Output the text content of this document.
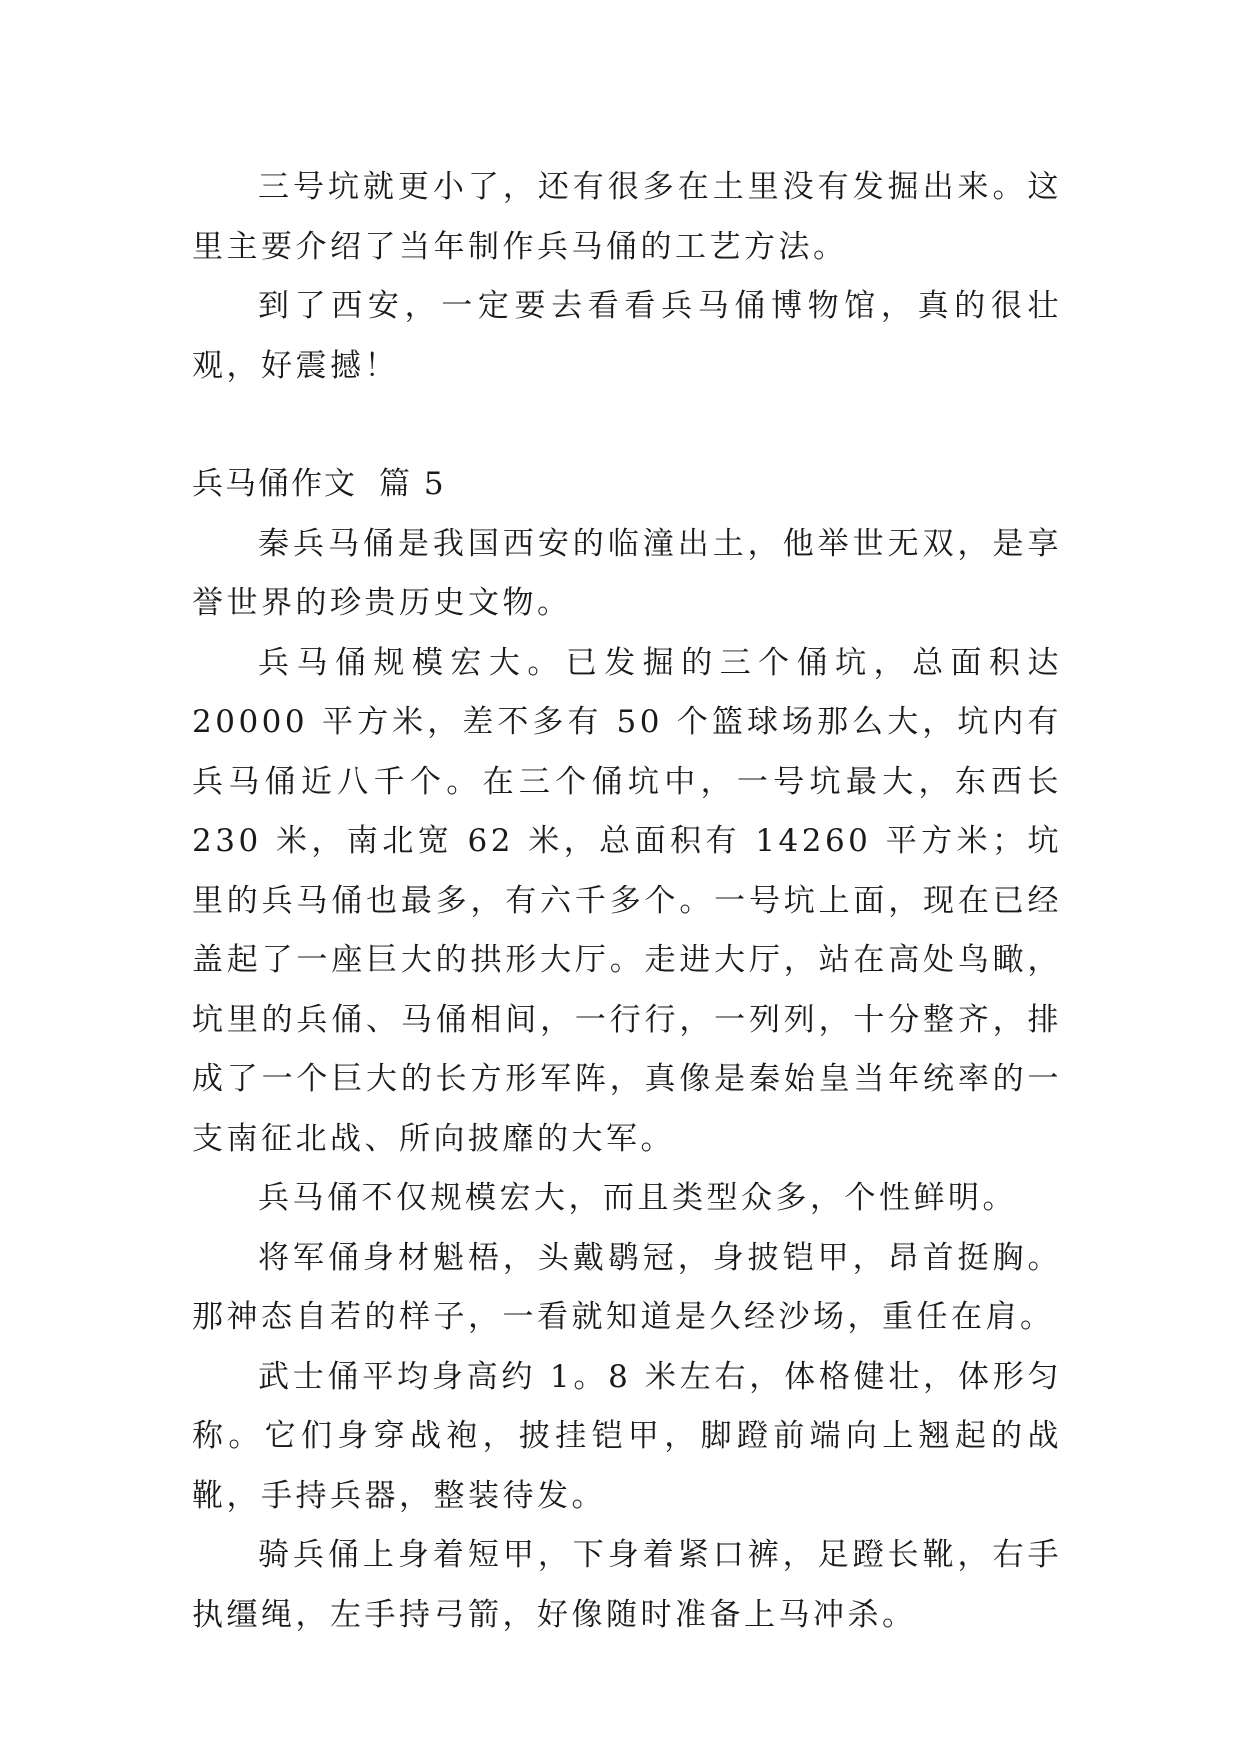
三号坑就更小了，还有很多在土里没有发掘出来。这里主要介绍了当年制作兵马俑的工艺方法。

到了西安，一定要去看看兵马俑博物馆，真的很壮观，好震撼！

兵马俑作文 篇 5

秦兵马俑是我国西安的临潼出土，他举世无双，是享誉世界的珍贵历史文物。

兵马俑规模宏大。已发掘的三个俑坑，总面积达 20000 平方米，差不多有 50 个篮球场那么大，坑内有兵马俑近八千个。在三个俑坑中，一号坑最大，东西长 230 米，南北宽 62 米，总面积有 14260 平方米；坑里的兵马俑也最多，有六千多个。一号坑上面，现在已经盖起了一座巨大的拱形大厅。走进大厅，站在高处鸟瞰，坑里的兵俑、马俑相间，一行行，一列列，十分整齐，排成了一个巨大的长方形军阵，真像是秦始皇当年统率的一支南征北战、所向披靡的大军。

兵马俑不仅规模宏大，而且类型众多，个性鲜明。

将军俑身材魁梧，头戴鹖冠，身披铠甲，昂首挺胸。那神态自若的样子，一看就知道是久经沙场，重任在肩。

武士俑平均身高约 1。8 米左右，体格健壮，体形匀称。它们身穿战袍，披挂铠甲，脚蹬前端向上翘起的战靴，手持兵器，整装待发。

骑兵俑上身着短甲，下身着紧口裤，足蹬长靴，右手执缰绳，左手持弓箭，好像随时准备上马冲杀。
